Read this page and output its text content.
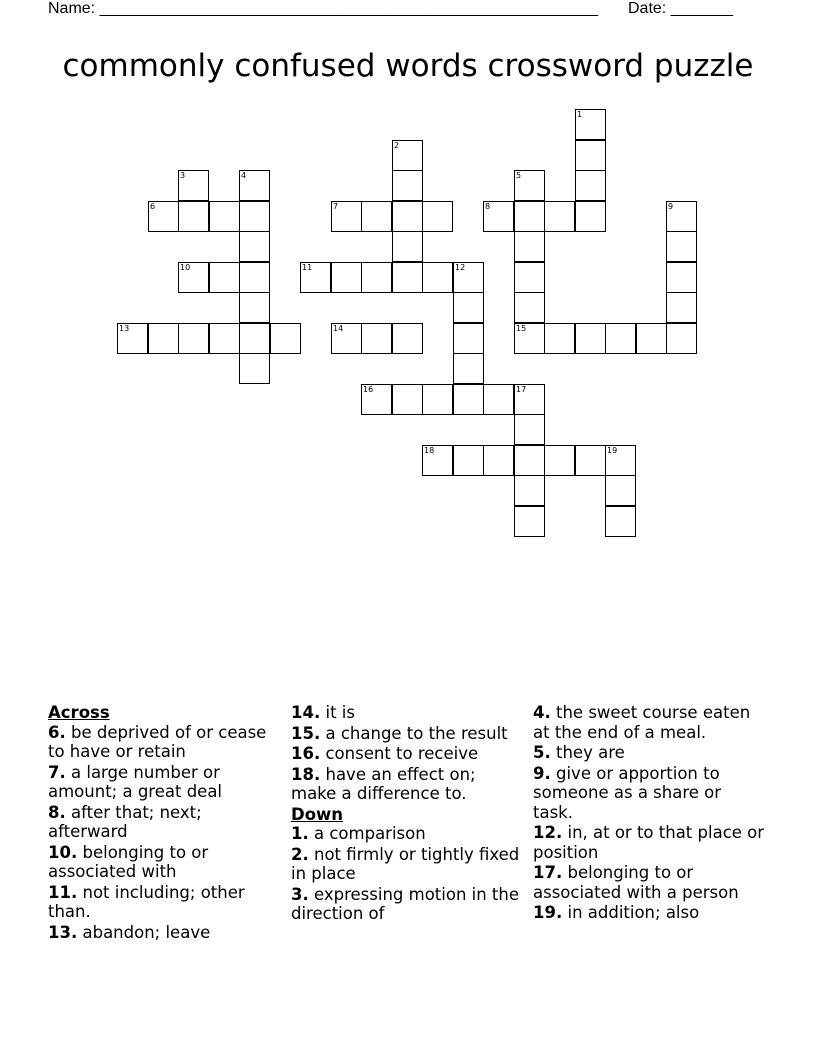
Name: ________________________________________________________ Date: _______
commonly confused words crossword puzzle
6	7	8
10	11	12
13	14	15
16	17
18
1
2
3	4	5
9
19
Across
6. be deprived of or cease to have or retain
7. a large number or amount; a great deal
8. after that; next; afterward
10. belonging to or associated with
11. not including; other than.
13. abandon; leave
14. it is
15. a change to the result
16. consent to receive
18. have an effect on; make a difference to.
Down
1. a comparison
2. not firmly or tightly fixed in place
3. expressing motion in the direction of
4. the sweet course eaten at the end of a meal.
5. they are
9. give or apportion to someone as a share or task.
12. in, at or to that place or position
17. belonging to or associated with a person
19. in addition; also
